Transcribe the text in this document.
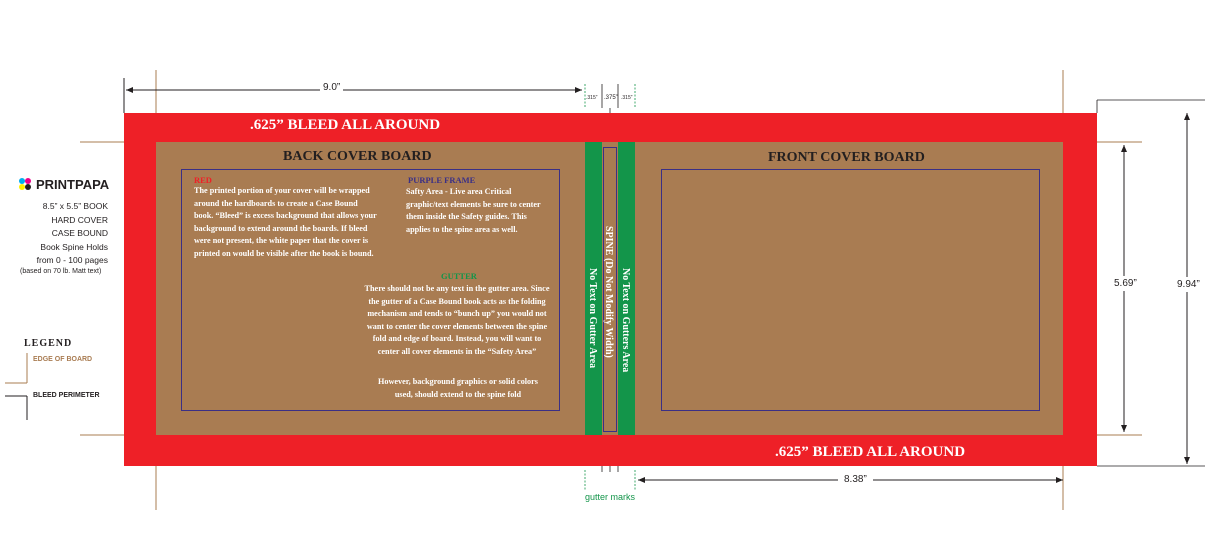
9.0”
.315” .375” .315”
5.69”	9.94”
8.38”
gutter marks
.625” BLEED ALL AROUND
.625” BLEED ALL AROUND
BACK COVER BOARD	FRONT COVER BOARD
RED
The printed portion of your cover will be wrapped around the hardboards to create a Case Bound book. “Bleed” is excess background that allows your background to extend around the boards. If bleed were not present, the white paper that the cover is printed on would be visible after the book is bound.
PURPLE FRAME
Safty Area - Live area Critical graphic/text elements be sure to center them inside the Safety guides. This applies to the spine area as well.
GUTTER
There should not be any text in the gutter area. Since the gutter of a Case Bound book acts as the folding mechanism and tends to “bunch up” you would not want to center the cover elements between the spine fold and edge of board. Instead, you will want to center all cover elements in the “Safety Area”
However, background graphics or solid colors used, should extend to the spine fold
No Text on Gutter Area SPINE (Do Not Modify Width) No Text on Gutters Area
PRINTPAPA
8.5” x 5.5” BOOK
HARD COVER
CASE BOUND
Book Spine Holds
from 0 - 100 pages
(based on 70 lb. Matt text)
LEGEND
EDGE OF BOARD
BLEED PERIMETER
